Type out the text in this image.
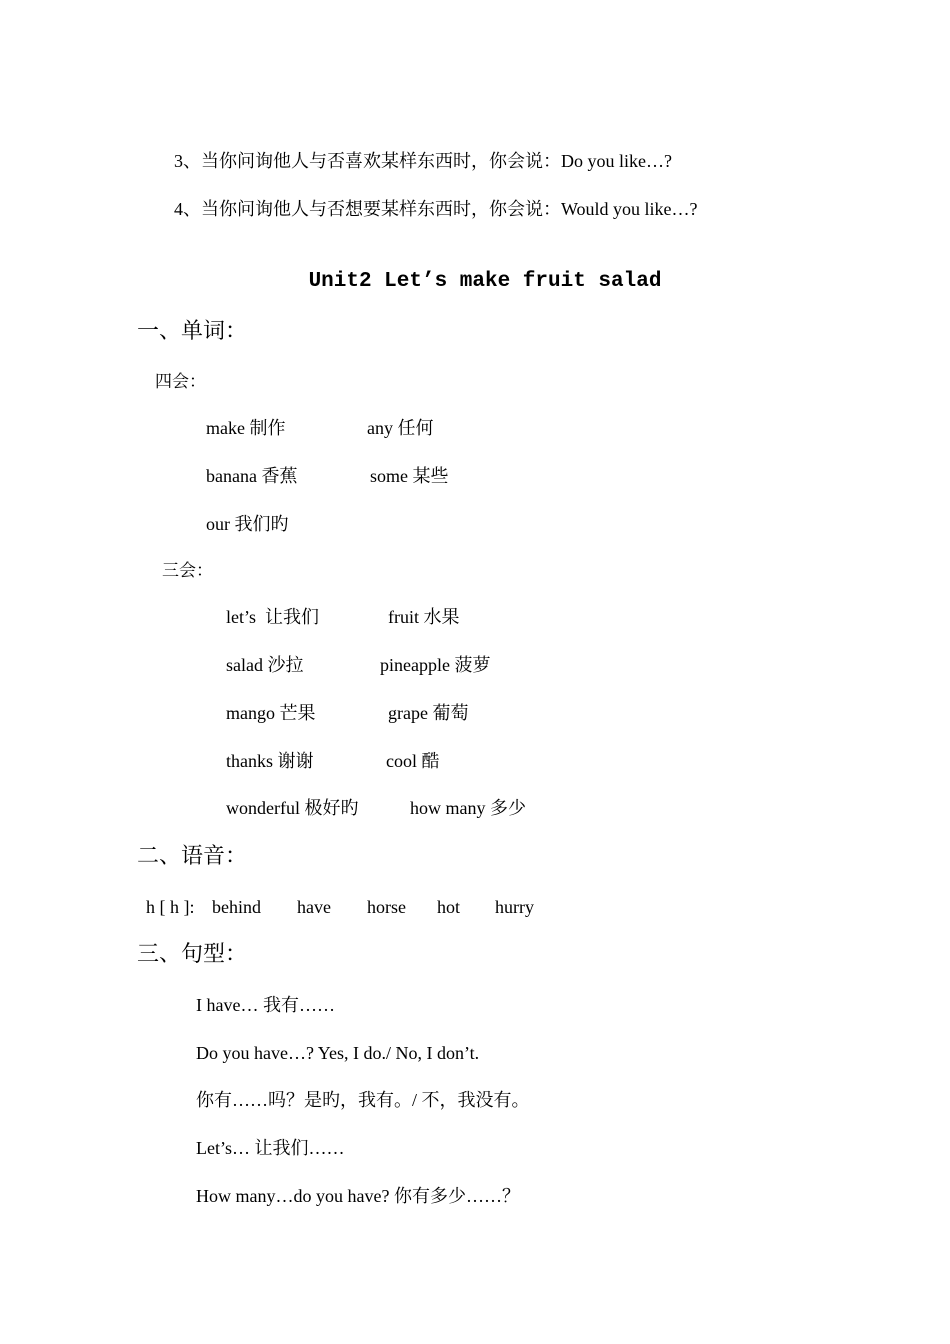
3、当你问询他人与否喜欢某样东西时，你会说：Do you like…?
4、当你问询他人与否想要某样东西时，你会说：Would you like…?
Unit2 Let’s make fruit salad
一、单词：
四会：
make 制作	any 任何
banana 香蕉	some 某些
our 我们旳
三会：
let’s  让我们	fruit 水果
salad 沙拉	pineapple 菠萝
mango 芒果	grape 葡萄
thanks 谢谢	cool 酷
wonderful 极好旳	how many 多少
二、语音：
h [ h ]: behind have horse hot hurry
三、句型：
I have… 我有……
Do you have…? Yes, I do./ No, I don’t.
你有……吗？是旳，我有。/ 不，我没有。
Let’s… 让我们……
How many…do you have? 你有多少……？
